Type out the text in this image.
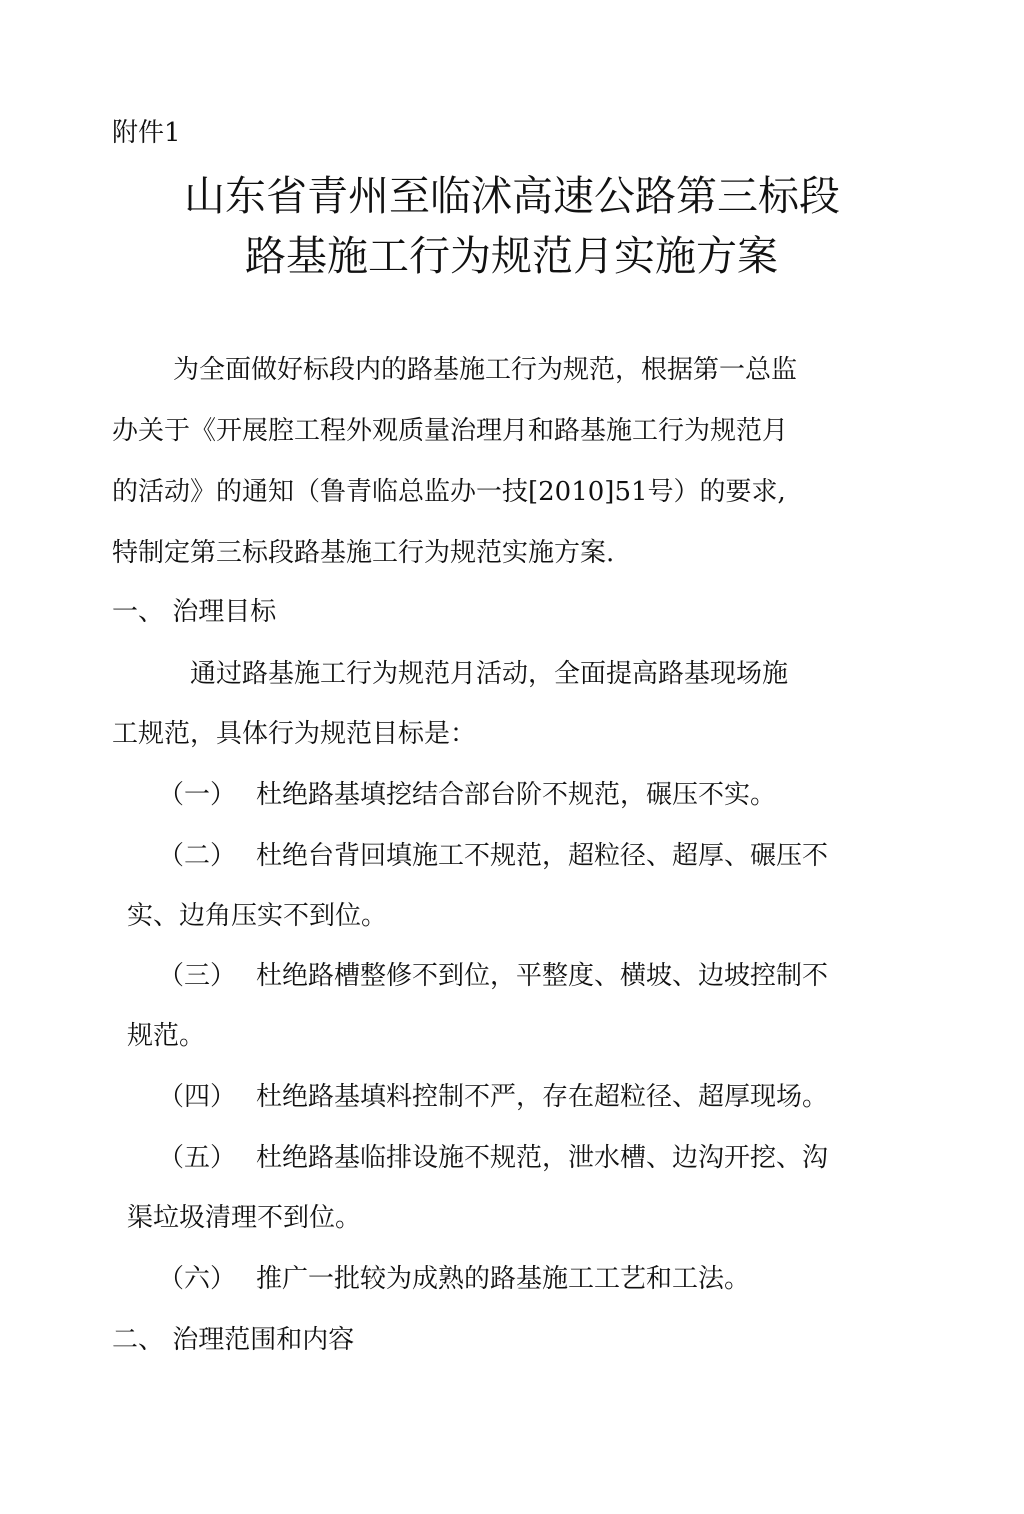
附件1
山东省青州至临沭高速公路第三标段
路基施工行为规范月实施方案
为全面做好标段内的路基施工行为规范，根据第一总监
办关于《开展腔工程外观质量治理月和路基施工行为规范月
的活动》的通知（鲁青临总监办一技[2010]51号）的要求,
特制定第三标段路基施工行为规范实施方案.
一、 治理目标
通过路基施工行为规范月活动，全面提高路基现场施
工规范，具体行为规范目标是：
（一） 杜绝路基填挖结合部台阶不规范，碾压不实。
（二） 杜绝台背回填施工不规范，超粒径、超厚、碾压不
实、边角压实不到位。
（三） 杜绝路槽整修不到位，平整度、横坡、边坡控制不
规范。
（四） 杜绝路基填料控制不严，存在超粒径、超厚现场。
（五） 杜绝路基临排设施不规范，泄水槽、边沟开挖、沟
渠垃圾清理不到位。
（六） 推广一批较为成熟的路基施工工艺和工法。
二、 治理范围和内容
